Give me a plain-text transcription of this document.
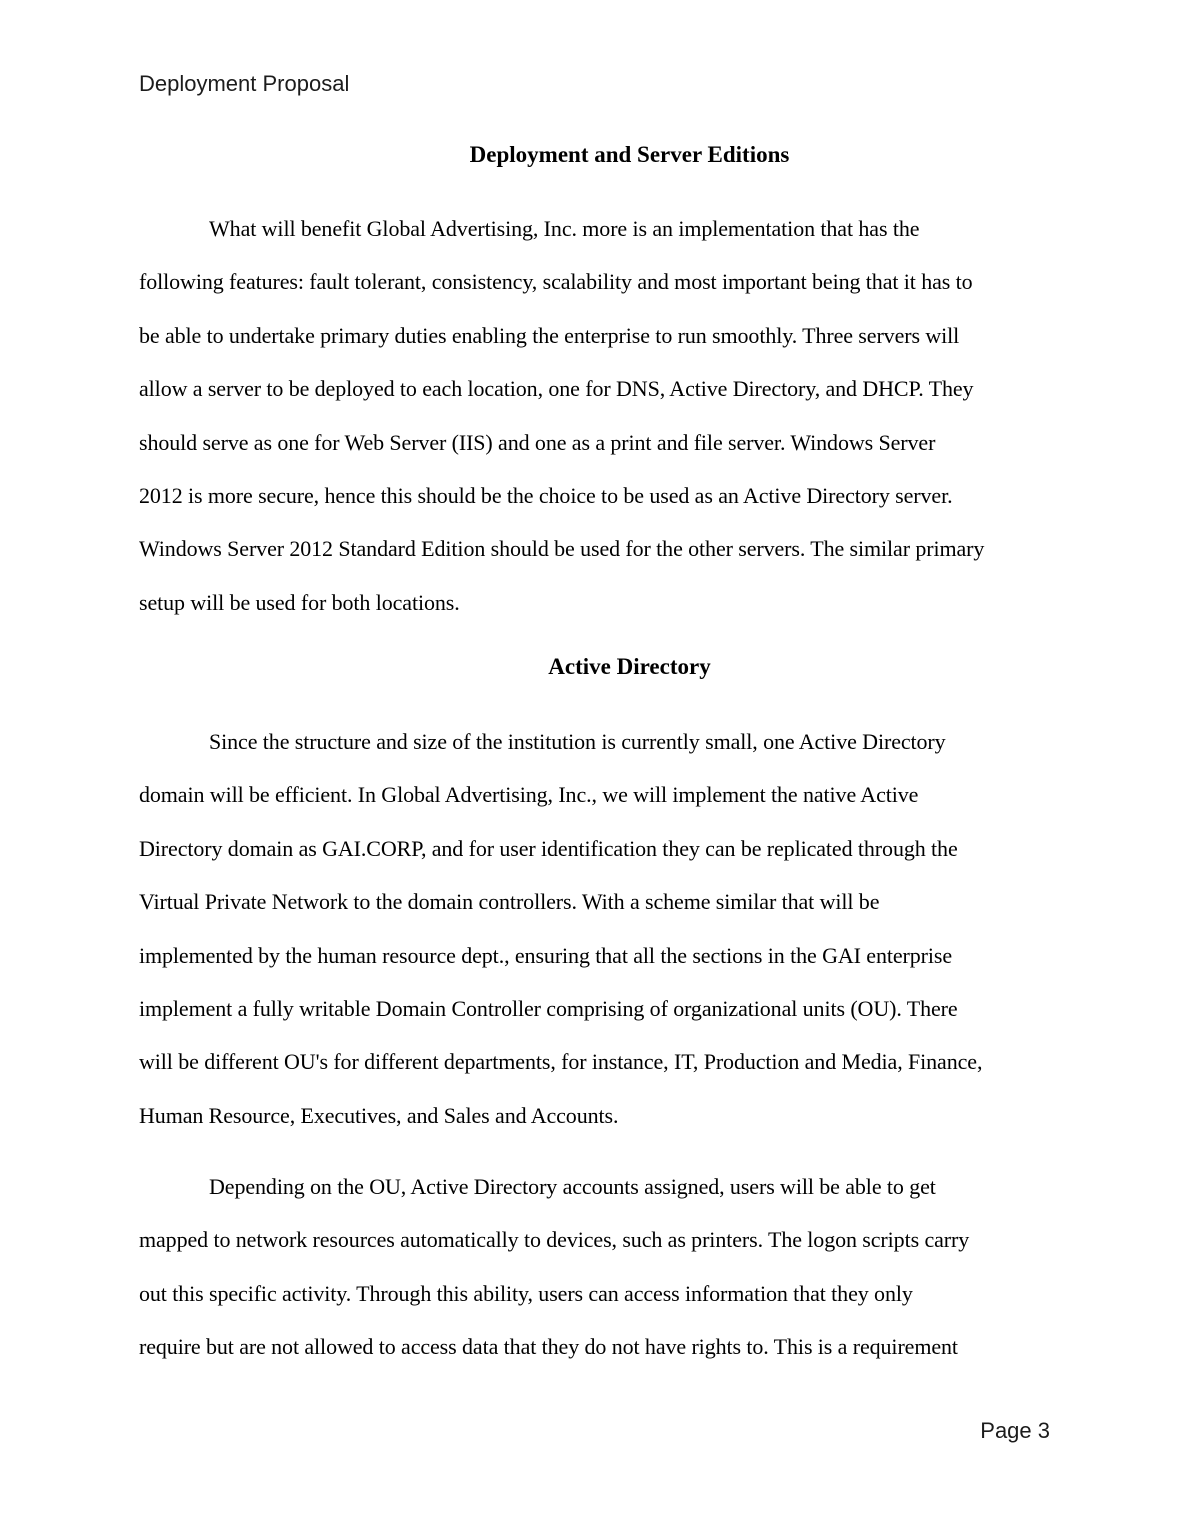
Deployment Proposal
Deployment and Server Editions
What will benefit Global Advertising, Inc. more is an implementation that has the
following features: fault tolerant, consistency, scalability and most important being that it has to
be able to undertake primary duties enabling the enterprise to run smoothly. Three servers will
allow a server to be deployed to each location, one for DNS, Active Directory, and DHCP. They
should serve as one for Web Server (IIS) and one as a print and file server. Windows Server
2012 is more secure, hence this should be the choice to be used as an Active Directory server.
Windows Server 2012 Standard Edition should be used for the other servers. The similar primary
setup will be used for both locations.
Active Directory
Since the structure and size of the institution is currently small, one Active Directory
domain will be efficient. In Global Advertising, Inc., we will implement the native Active
Directory domain as GAI.CORP, and for user identification they can be replicated through the
Virtual Private Network to the domain controllers. With a scheme similar that will be
implemented by the human resource dept., ensuring that all the sections in the GAI enterprise
implement a fully writable Domain Controller comprising of organizational units (OU). There
will be different OU's for different departments, for instance, IT, Production and Media, Finance,
Human Resource, Executives, and Sales and Accounts.
Depending on the OU, Active Directory accounts assigned, users will be able to get
mapped to network resources automatically to devices, such as printers. The logon scripts carry
out this specific activity. Through this ability, users can access information that they only
require but are not allowed to access data that they do not have rights to. This is a requirement
Page 3
